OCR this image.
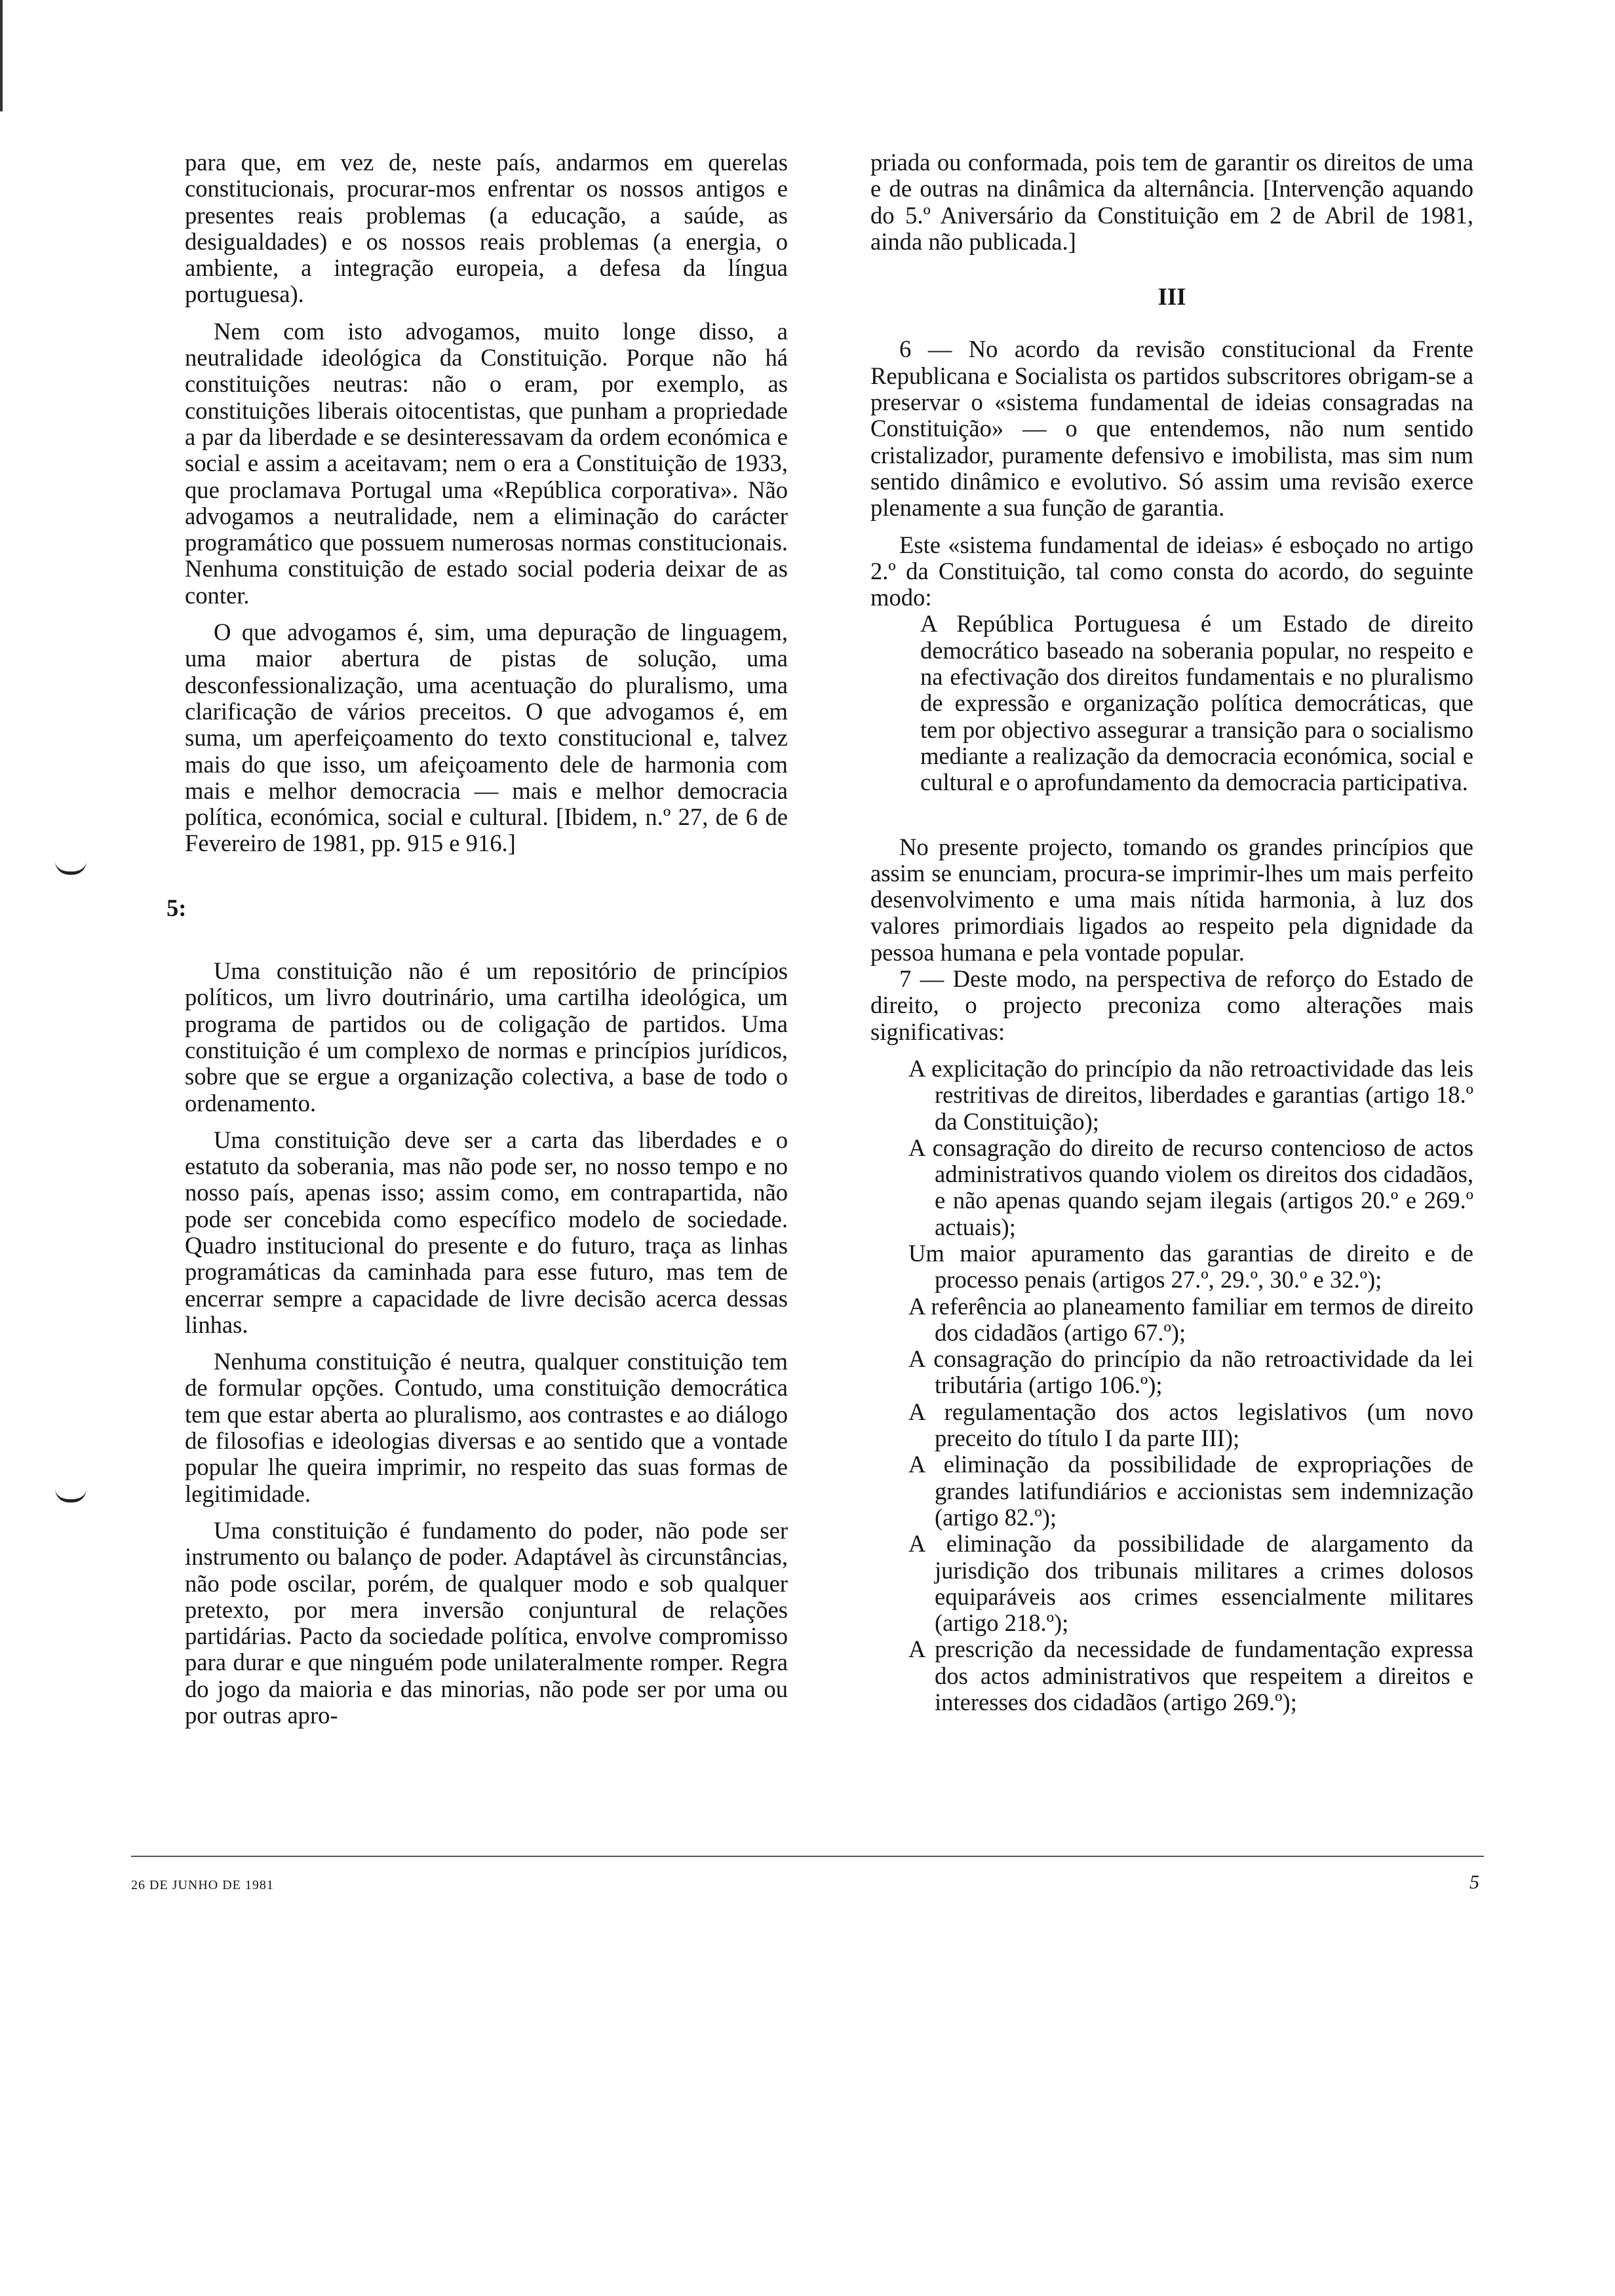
para que, em vez de, neste país, andarmos em querelas constitucionais, procurar-mos enfrentar os nossos antigos e presentes reais problemas (a educação, a saúde, as desigualdades) e os nossos reais problemas (a energia, o ambiente, a integração europeia, a defesa da língua portuguesa).

Nem com isto advogamos, muito longe disso, a neutralidade ideológica da Constituição. Porque não há constituições neutras: não o eram, por exemplo, as constituições liberais oitocentistas, que punham a propriedade a par da liberdade e se desinteressavam da ordem económica e social e assim a aceitavam; nem o era a Constituição de 1933, que proclamava Portugal uma «República corporativa». Não advogamos a neutralidade, nem a eliminação do carácter programático que possuem numerosas normas constitucionais. Nenhuma constituição de estado social poderia deixar de as conter.

O que advogamos é, sim, uma depuração de linguagem, uma maior abertura de pistas de solução, uma desconfessionalização, uma acentuação do pluralismo, uma clarificação de vários preceitos. O que advogamos é, em suma, um aperfeiçoamento do texto constitucional e, talvez mais do que isso, um afeiçoamento dele de harmonia com mais e melhor democracia — mais e melhor democracia política, económica, social e cultural. [Ibidem, n.º 27, de 6 de Fevereiro de 1981, pp. 915 e 916.]

5:

Uma constituição não é um repositório de princípios políticos, um livro doutrinário, uma cartilha ideológica, um programa de partidos ou de coligação de partidos. Uma constituição é um complexo de normas e princípios jurídicos, sobre que se ergue a organização colectiva, a base de todo o ordenamento.

Uma constituição deve ser a carta das liberdades e o estatuto da soberania, mas não pode ser, no nosso tempo e no nosso país, apenas isso; assim como, em contrapartida, não pode ser concebida como específico modelo de sociedade. Quadro institucional do presente e do futuro, traça as linhas programáticas da caminhada para esse futuro, mas tem de encerrar sempre a capacidade de livre decisão acerca dessas linhas.

Nenhuma constituição é neutra, qualquer constituição tem de formular opções. Contudo, uma constituição democrática tem que estar aberta ao pluralismo, aos contrastes e ao diálogo de filosofias e ideologias diversas e ao sentido que a vontade popular lhe queira imprimir, no respeito das suas formas de legitimidade.

Uma constituição é fundamento do poder, não pode ser instrumento ou balanço de poder. Adaptável às circunstâncias, não pode oscilar, porém, de qualquer modo e sob qualquer pretexto, por mera inversão conjuntural de relações partidárias. Pacto da sociedade política, envolve compromisso para durar e que ninguém pode unilateralmente romper. Regra do jogo da maioria e das minorias, não pode ser por uma ou por outras apro-

priada ou conformada, pois tem de garantir os direitos de uma e de outras na dinâmica da alternância. [Intervenção aquando do 5.º Aniversário da Constituição em 2 de Abril de 1981, ainda não publicada.]

III

6 — No acordo da revisão constitucional da Frente Republicana e Socialista os partidos subscritores obrigam-se a preservar o «sistema fundamental de ideias consagradas na Constituição» — o que entendemos, não num sentido cristalizador, puramente defensivo e imobilista, mas sim num sentido dinâmico e evolutivo. Só assim uma revisão exerce plenamente a sua função de garantia.

Este «sistema fundamental de ideias» é esboçado no artigo 2.º da Constituição, tal como consta do acordo, do seguinte modo:

A República Portuguesa é um Estado de direito democrático baseado na soberania popular, no respeito e na efectivação dos direitos fundamentais e no pluralismo de expressão e organização política democráticas, que tem por objectivo assegurar a transição para o socialismo mediante a realização da democracia económica, social e cultural e o aprofundamento da democracia participativa.

No presente projecto, tomando os grandes princípios que assim se enunciam, procura-se imprimir-lhes um mais perfeito desenvolvimento e uma mais nítida harmonia, à luz dos valores primordiais ligados ao respeito pela dignidade da pessoa humana e pela vontade popular.

7 — Deste modo, na perspectiva de reforço do Estado de direito, o projecto preconiza como alterações mais significativas:

A explicitação do princípio da não retroactividade das leis restritivas de direitos, liberdades e garantias (artigo 18.º da Constituição);
A consagração do direito de recurso contencioso de actos administrativos quando violem os direitos dos cidadãos, e não apenas quando sejam ilegais (artigos 20.º e 269.º actuais);
Um maior apuramento das garantias de direito e de processo penais (artigos 27.º, 29.º, 30.º e 32.º);
A referência ao planeamento familiar em termos de direito dos cidadãos (artigo 67.º);
A consagração do princípio da não retroactividade da lei tributária (artigo 106.º);
A regulamentação dos actos legislativos (um novo preceito do título I da parte III);
A eliminação da possibilidade de expropriações de grandes latifundiários e accionistas sem indemnização (artigo 82.º);
A eliminação da possibilidade de alargamento da jurisdição dos tribunais militares a crimes dolosos equiparáveis aos crimes essencialmente militares (artigo 218.º);
A prescrição da necessidade de fundamentação expressa dos actos administrativos que respeitem a direitos e interesses dos cidadãos (artigo 269.º);
26 DE JUNHO DE 1981	5
